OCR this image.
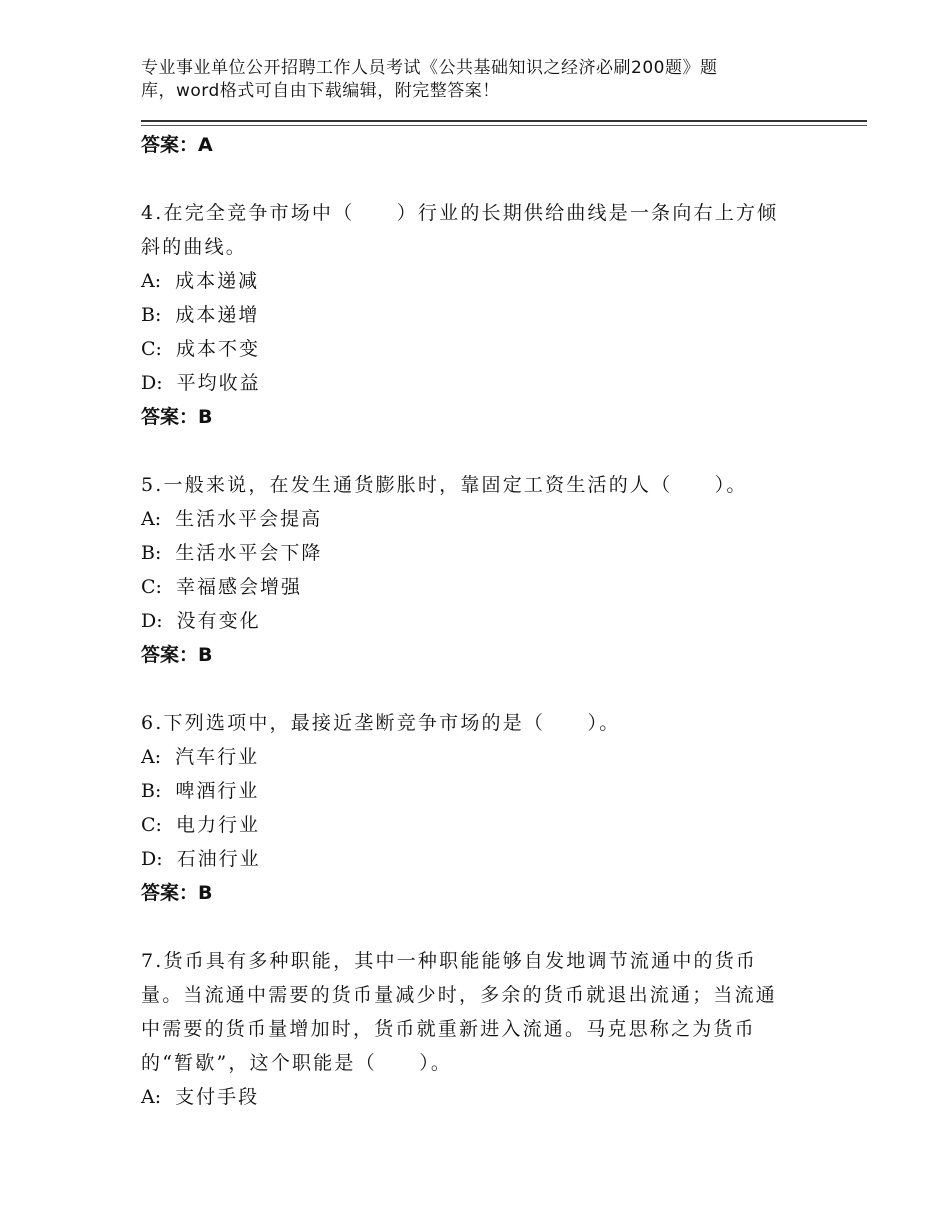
专业事业单位公开招聘工作人员考试《公共基础知识之经济必刷200题》题
库，word格式可自由下载编辑，附完整答案！
答案：A
4.在完全竞争市场中（　　）行业的长期供给曲线是一条向右上方倾
斜的曲线。
A: 成本递减
B: 成本递增
C: 成本不变
D: 平均收益
答案：B
5.一般来说，在发生通货膨胀时，靠固定工资生活的人（　　）。
A: 生活水平会提高
B: 生活水平会下降
C: 幸福感会增强
D: 没有变化
答案：B
6.下列选项中，最接近垄断竞争市场的是（　　）。
A: 汽车行业
B: 啤酒行业
C: 电力行业
D: 石油行业
答案：B
7.货币具有多种职能，其中一种职能能够自发地调节流通中的货币
量。当流通中需要的货币量减少时，多余的货币就退出流通；当流通
中需要的货币量增加时，货币就重新进入流通。马克思称之为货币
的“暂歇”，这个职能是（　　）。
A: 支付手段
